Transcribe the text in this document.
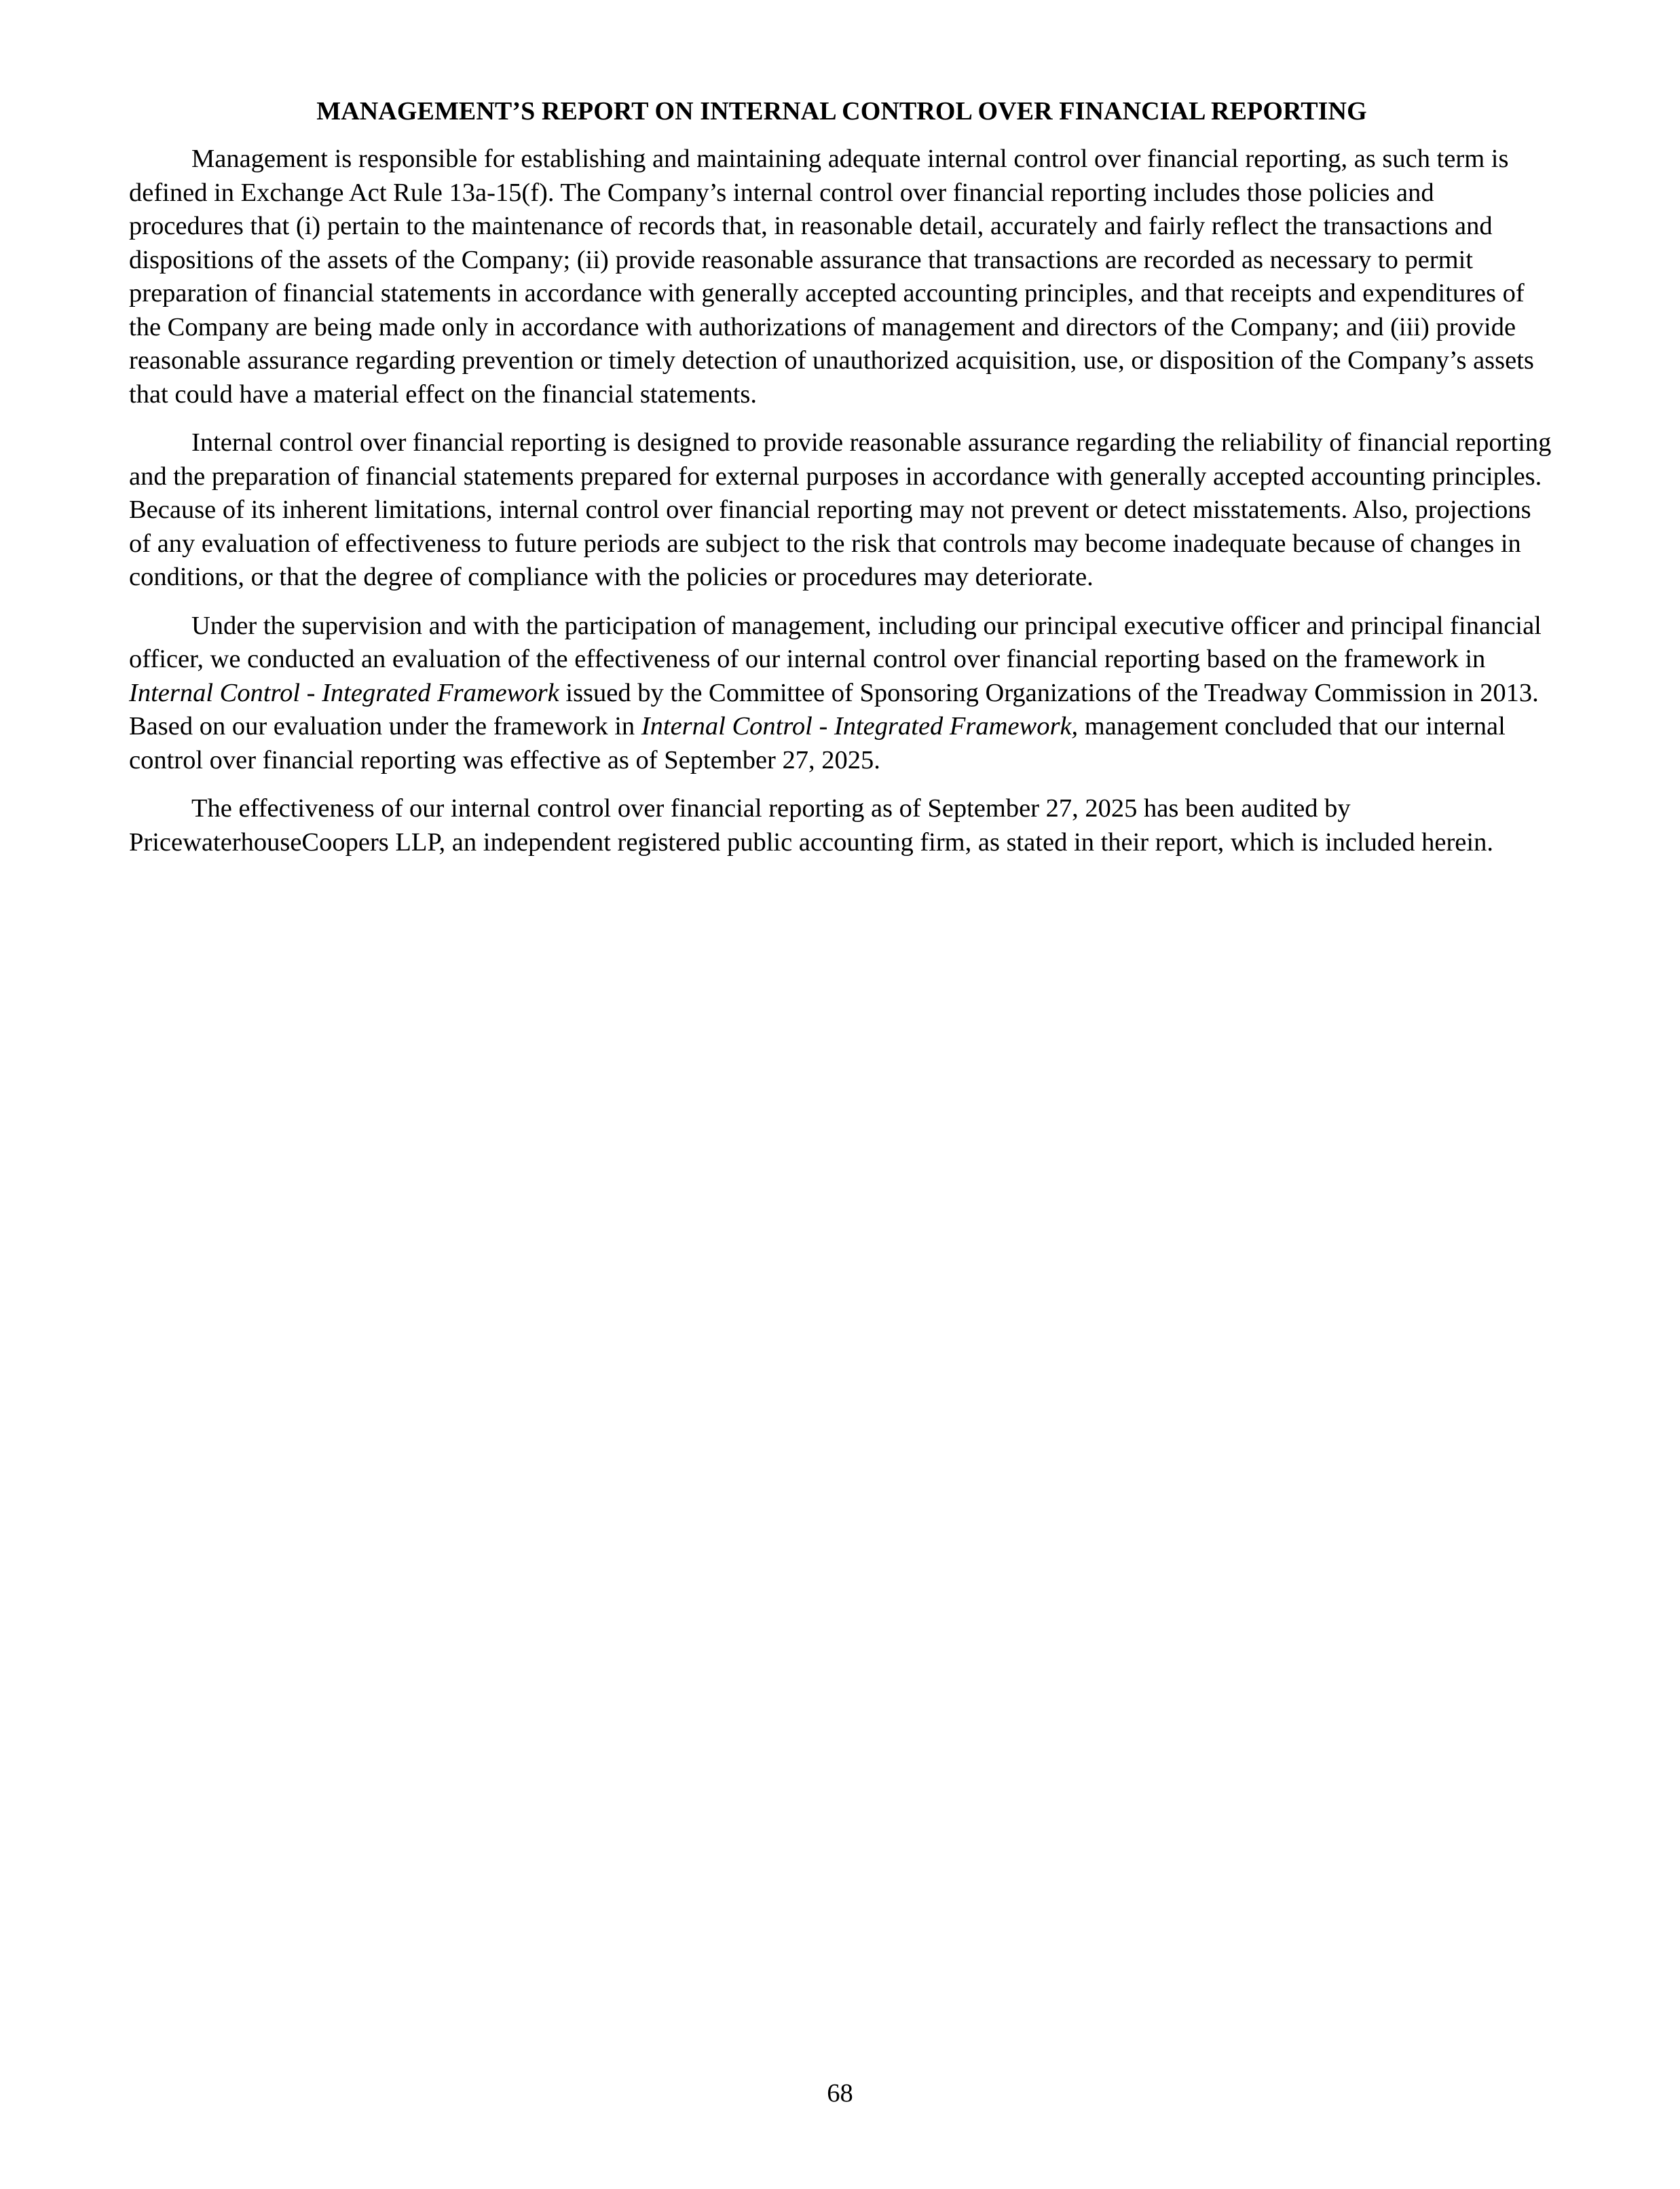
MANAGEMENT’S REPORT ON INTERNAL CONTROL OVER FINANCIAL REPORTING

Management is responsible for establishing and maintaining adequate internal control over financial reporting, as such term is defined in Exchange Act Rule 13a-15(f). The Company’s internal control over financial reporting includes those policies and procedures that (i) pertain to the maintenance of records that, in reasonable detail, accurately and fairly reflect the transactions and dispositions of the assets of the Company; (ii) provide reasonable assurance that transactions are recorded as necessary to permit preparation of financial statements in accordance with generally accepted accounting principles, and that receipts and expenditures of the Company are being made only in accordance with authorizations of management and directors of the Company; and (iii) provide reasonable assurance regarding prevention or timely detection of unauthorized acquisition, use, or disposition of the Company’s assets that could have a material effect on the financial statements.

Internal control over financial reporting is designed to provide reasonable assurance regarding the reliability of financial reporting and the preparation of financial statements prepared for external purposes in accordance with generally accepted accounting principles. Because of its inherent limitations, internal control over financial reporting may not prevent or detect misstatements. Also, projections of any evaluation of effectiveness to future periods are subject to the risk that controls may become inadequate because of changes in conditions, or that the degree of compliance with the policies or procedures may deteriorate.

Under the supervision and with the participation of management, including our principal executive officer and principal financial officer, we conducted an evaluation of the effectiveness of our internal control over financial reporting based on the framework in Internal Control - Integrated Framework issued by the Committee of Sponsoring Organizations of the Treadway Commission in 2013. Based on our evaluation under the framework in Internal Control - Integrated Framework, management concluded that our internal control over financial reporting was effective as of September 27, 2025.

The effectiveness of our internal control over financial reporting as of September 27, 2025 has been audited by PricewaterhouseCoopers LLP, an independent registered public accounting firm, as stated in their report, which is included herein.

68
